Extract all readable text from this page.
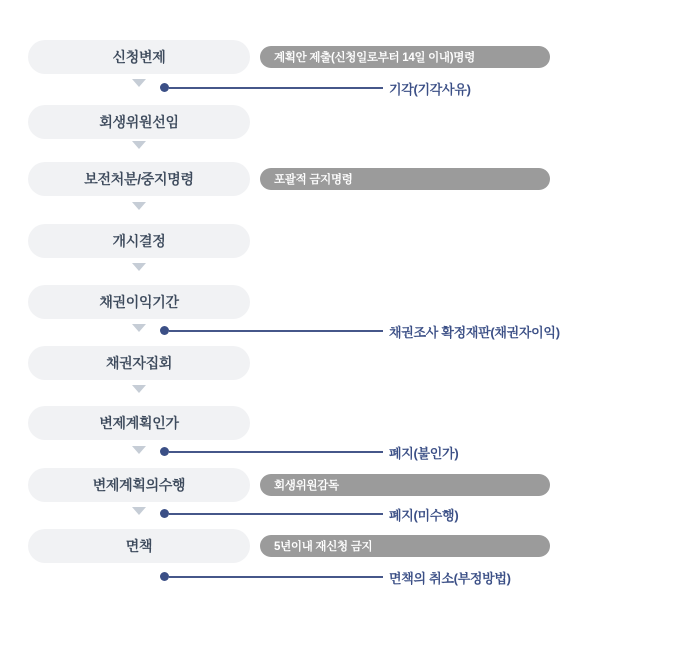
신청변제
회생위원선임
보전처분/중지명령
개시결정
채권이익기간
채권자집회
변제계획인가
변제계획의수행
면책
계획안 제출(신청일로부터 14일 이내)명령
포괄적 금지명령
회생위원감독
5년이내 재신청 금지
기각(기각사유)
채권조사 확정재판(채권자이익)
폐지(불인가)
폐지(미수행)
면책의 취소(부정방법)
